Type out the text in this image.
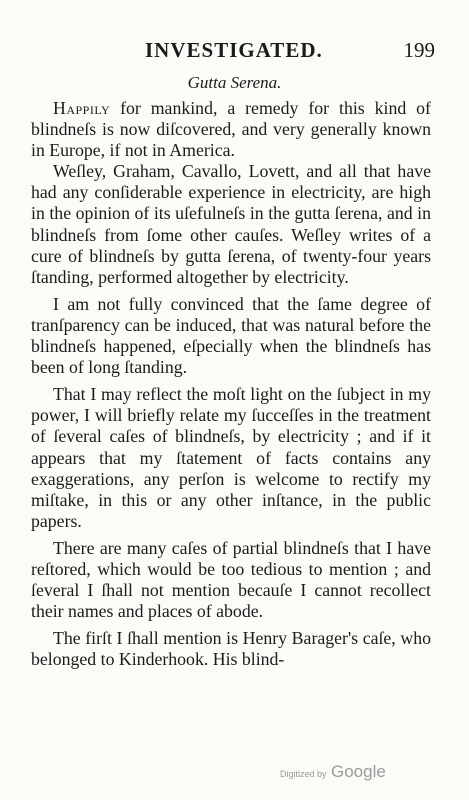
INVESTIGATED.	199
Gutta Serena.

Happily for mankind, a remedy for this kind of blindneſs is now diſcovered, and very generally known in Europe, if not in America.

Weſley, Graham, Cavallo, Lovett, and all that have had any conſiderable experience in electricity, are high in the opinion of its uſefulneſs in the gutta ſerena, and in blindneſs from ſome other cauſes. Weſley writes of a cure of blindneſs by gutta ſerena, of twenty-four years ſtanding, performed altogether by electricity.

I am not fully convinced that the ſame degree of tranſparency can be induced, that was natural before the blindneſs happened, eſpecially when the blindneſs has been of long ſtanding.

That I may reflect the moſt light on the ſubject in my power, I will briefly relate my ſucceſſes in the treatment of ſeveral caſes of blindneſs, by electricity ; and if it appears that my ſtatement of facts contains any exaggerations, any perſon is welcome to rectify my miſtake, in this or any other inſtance, in the public papers.

There are many caſes of partial blindneſs that I have reſtored, which would be too tedious to mention ; and ſeveral I ſhall not mention becauſe I cannot recollect their names and places of abode.

The firſt I ſhall mention is Henry Barager's caſe, who belonged to Kinderhook. His blind-

Digitized by Google
